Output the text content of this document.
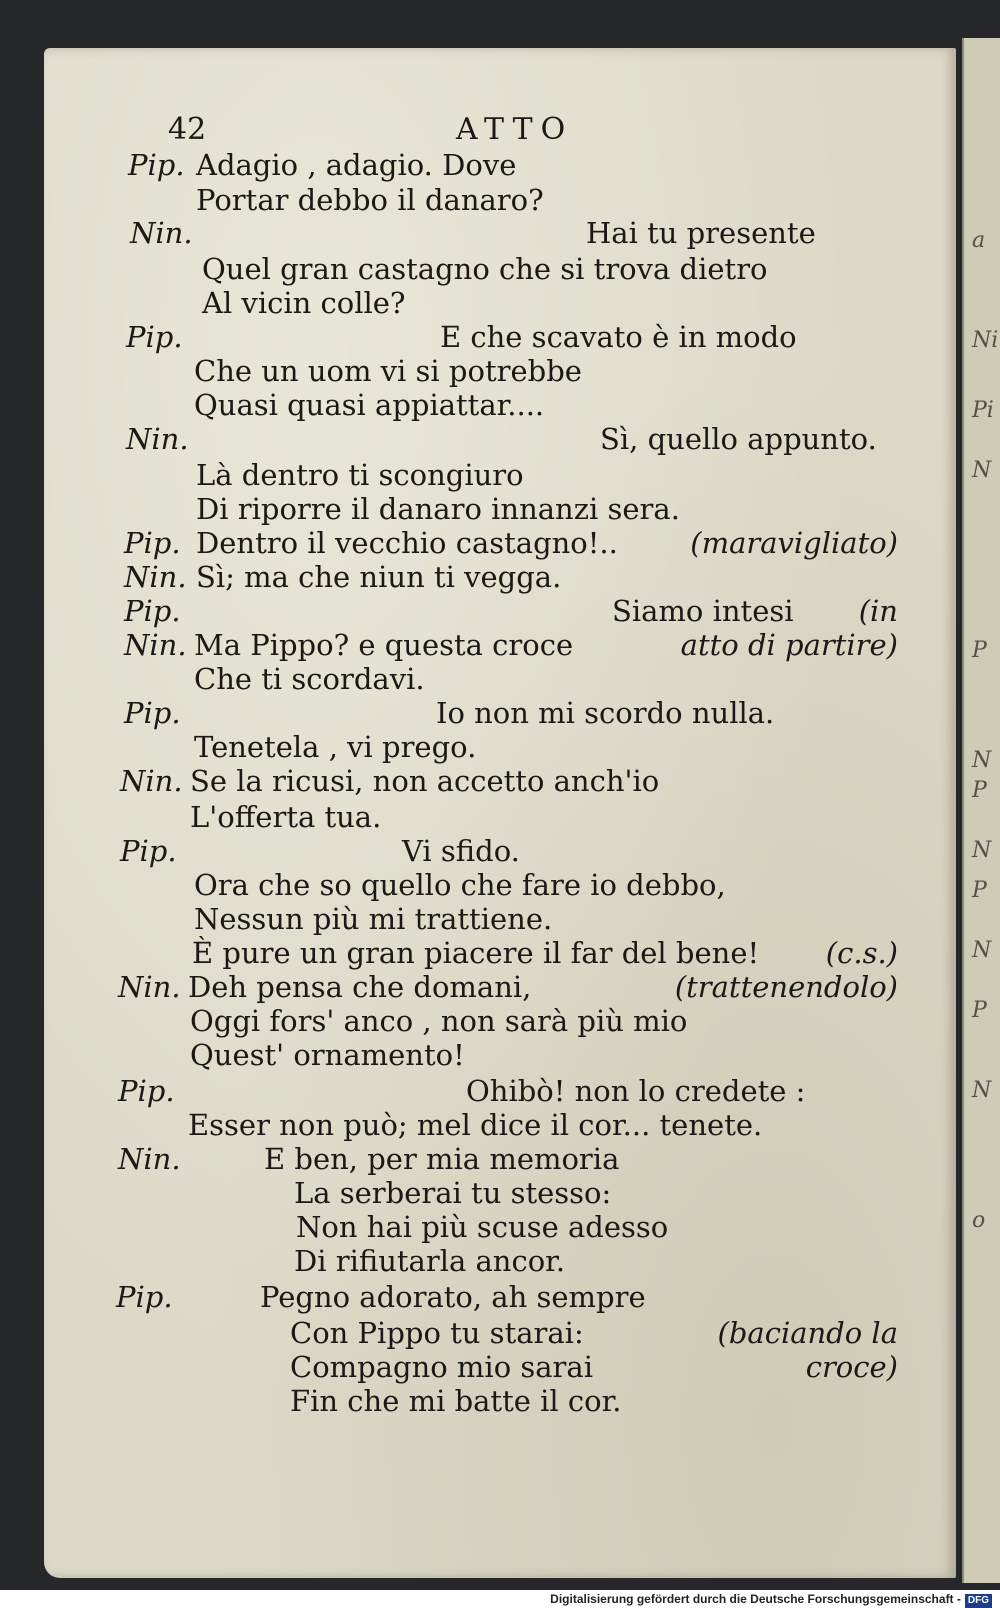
a
Ni
Pi
N
P
N
P
N
P
N
P
N
o
42	ATTO
Pip. Adagio , adagio. Dove
Portar debbo il danaro?
Nin.	Hai tu presente
Quel gran castagno che si trova dietro
Al vicin colle?
Pip.	E che scavato è in modo
Che un uom vi si potrebbe
Quasi quasi appiattar....
Nin.	Sì, quello appunto.
Là dentro ti scongiuro
Di riporre il danaro innanzi sera.
Pip. Dentro il vecchio castagno!.. (maravigliato)
Nin. Sì; ma che niun ti vegga.
Pip.	Siamo intesi (in
Nin. Ma Pippo? e questa croce	atto di partire)
Che ti scordavi.
Pip.	Io non mi scordo nulla.
Tenetela , vi prego.
Nin. Se la ricusi, non accetto anch'io
L'offerta tua.
Pip.	Vi sfido.
Ora che so quello che fare io debbo,
Nessun più mi trattiene.
È pure un gran piacere il far del bene! (c.s.)
Nin. Deh pensa che domani,	(trattenendolo)
Oggi fors' anco , non sarà più mio
Quest' ornamento!
Pip.	Ohibò! non lo credete :
Esser non può; mel dice il cor... tenete.
Nin.	E ben, per mia memoria
La serberai tu stesso:
Non hai più scuse adesso
Di rifiutarla ancor.
Pip.	Pegno adorato, ah sempre
Con Pippo tu starai:	(baciando la
Compagno mio sarai	croce)
Fin che mi batte il cor.
Digitalisierung gefördert durch die Deutsche Forschungsgemeinschaft - DFG
